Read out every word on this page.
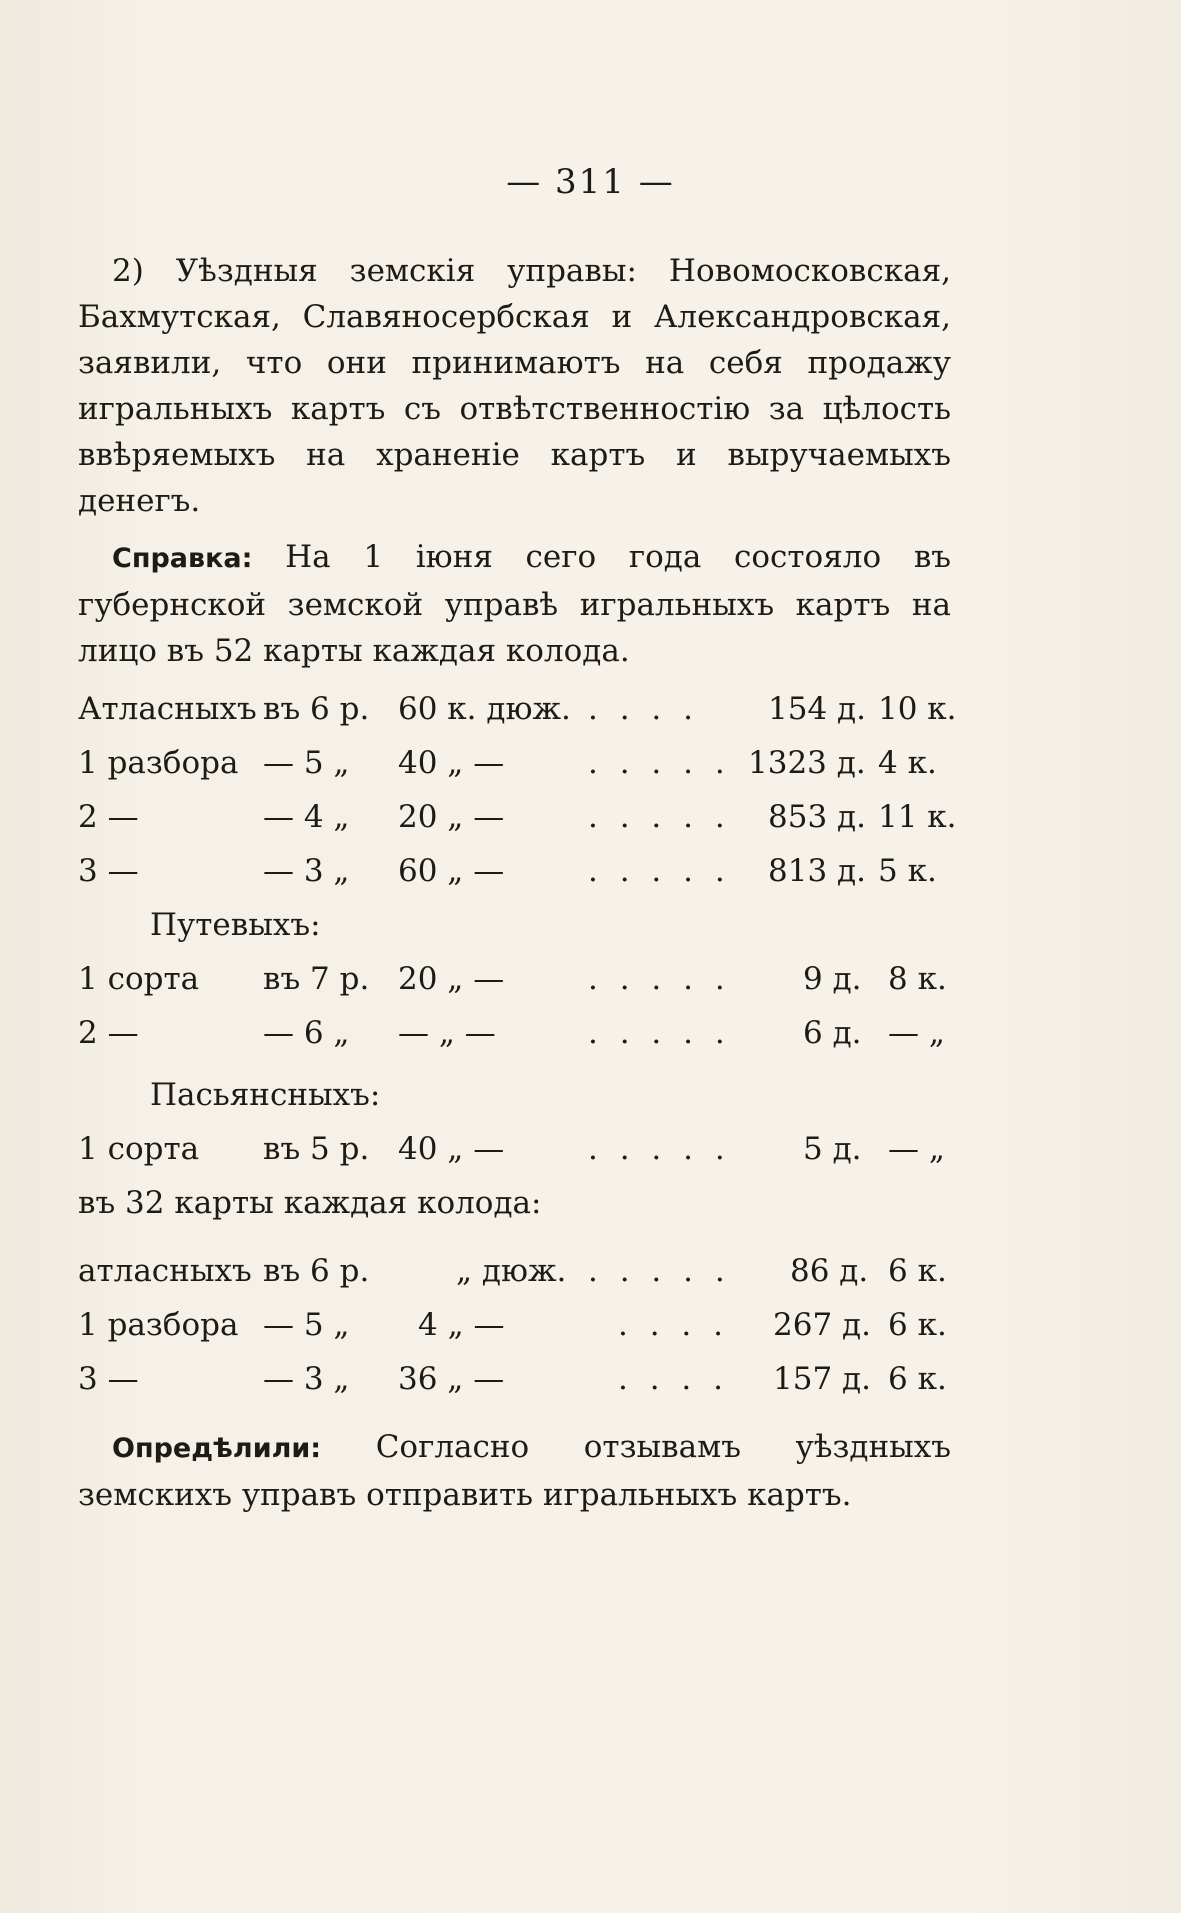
— 311 —

2) Уѣздныя земскія управы: Новомосковская, Бахмутская, Славяносербская и Александровская, заявили, что они принимаютъ на себя продажу игральныхъ картъ съ отвѣтственностію за цѣлость ввѣряемыхъ на храненіе картъ и выручаемыхъ денегъ.

Справка: На 1 іюня сего года состояло въ губернской земской управѣ игральныхъ картъ на лицо въ 52 карты каждая колода.

Атласныхъ въ 6 р. 60 к. дюж. . . . . 154 д. 10 к.
1 разбора — 5 „ 40 „ —	. . . . . 1323 д. 4 к.
2 —	— 4 „ 20 „ —	. . . . . 853 д. 11 к.
3 —	— 3 „ 60 „ —	. . . . . 813 д. 5 к.
Путевыхъ:
1 сорта въ 7 р. 20 „ —	. . . . . 9 д. 8 к.
2 —	— 6 „ — „ —	. . . . . 6 д. — „
Пасьянсныхъ:
1 сорта въ 5 р. 40 „ —	. . . . . 5 д. — „
въ 32 карты каждая колода:
атласныхъ въ 6 р.	„ дюж. . . . . . 86 д. 6 к.
1 разбора — 5 „ 4 „ —	. . . . 267 д. 6 к.
3 —	— 3 „ 36 „ —	. . . . 157 д. 6 к.

Опредѣлили: Согласно отзывамъ уѣздныхъ земскихъ управъ отправить игральныхъ картъ.
